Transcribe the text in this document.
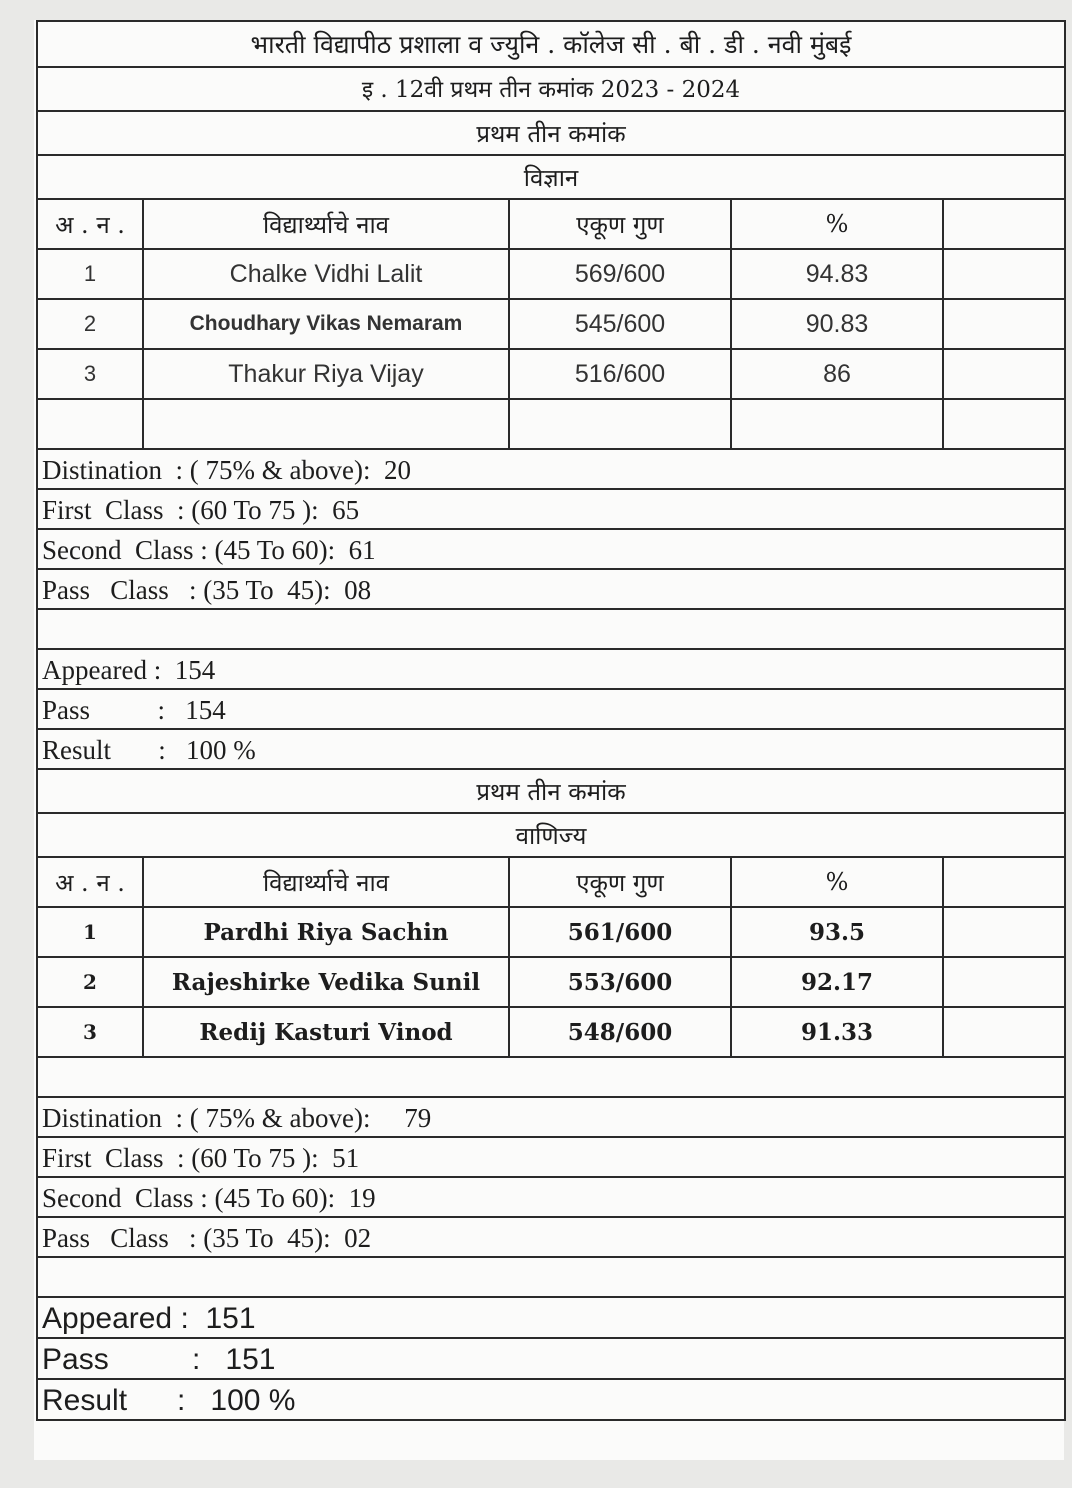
भारती विद्यापीठ प्रशाला व ज्युनि . कॉलेज सी . बी . डी . नवी मुंबई
इ . 12वी प्रथम तीन कमांक 2023 - 2024
प्रथम तीन कमांक
विज्ञान
अ . न .	विद्यार्थ्याचे नाव	एकूण गुण	%
1	Chalke Vidhi Lalit	569/600	94.83
2	Choudhary Vikas Nemaram	545/600	90.83
3	Thakur Riya Vijay	516/600	86
Distination  : ( 75% & above):  20
First  Class  : (60 To 75 ):  65
Second  Class : (45 To 60):  61
Pass   Class   : (35 To  45):  08
Appeared :  154
Pass          :   154
Result       :   100 %
प्रथम तीन कमांक
वाणिज्य
अ . न .	विद्यार्थ्याचे नाव	एकूण गुण	%
1	Pardhi Riya Sachin	561/600	93.5
2	Rajeshirke Vedika Sunil	553/600	92.17
3	Redij Kasturi Vinod	548/600	91.33
Distination  : ( 75% & above):     79
First  Class  : (60 To 75 ):  51
Second  Class : (45 To 60):  19
Pass   Class   : (35 To  45):  02
Appeared :  151
Pass          :   151
Result      :   100 %
